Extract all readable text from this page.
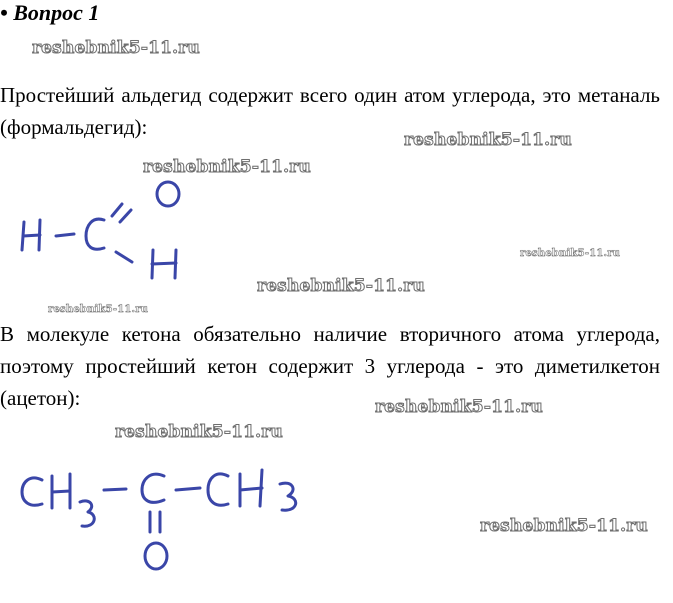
• Вопрос 1
reshebnik5-11.ru
Простейший альдегид содержит всего один атом углерода, это метаналь (формальдегид):
reshebnik5-11.ru
reshebnik5-11.ru
reshebnik5-11.ru
reshebnik5-11.ru
reshebnik5-11.ru
В молекуле кетона обязательно наличие вторичного атома углерода, поэтому простейший кетон содержит 3 углерода - это диметилкетон (ацетон):	reshebnik5-11.ru
reshebnik5-11.ru
reshebnik5-11.ru
